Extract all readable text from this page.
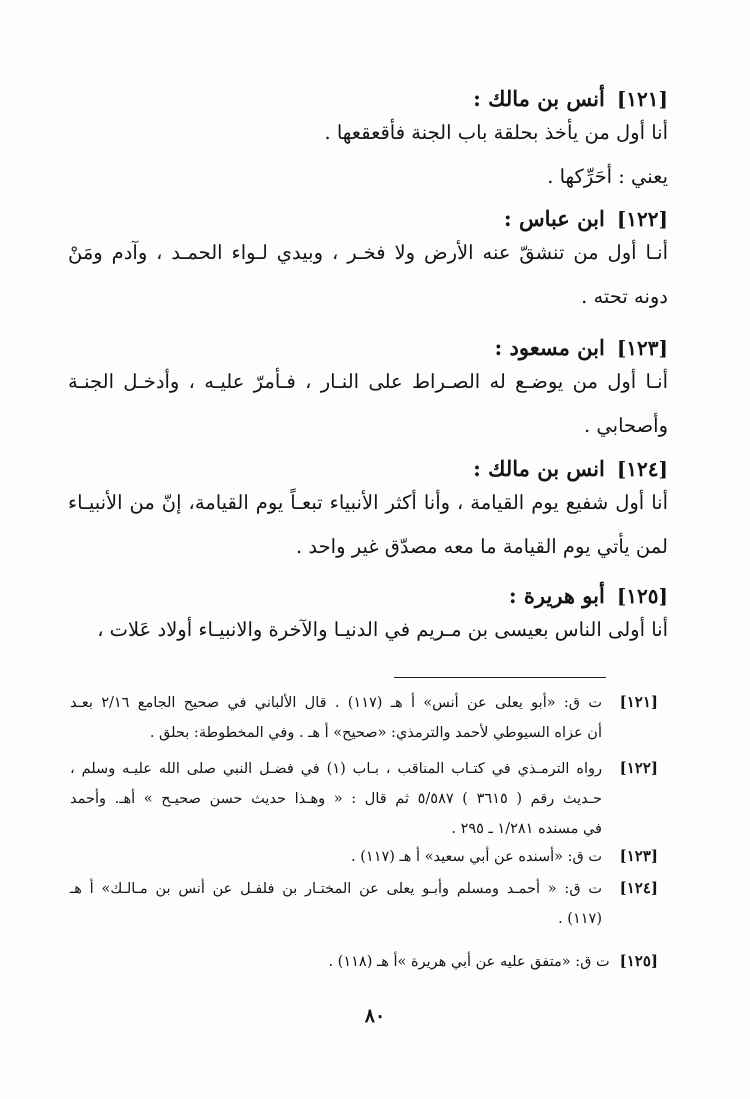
[١٢١]
أنس بن مالك :
أنا أول من يأخذ بحلقة باب الجنة فأقعقعها .
يعني : أحَرِّكها .
[١٢٢]
ابن عباس :
أنـا أول من تنشقّ عنه الأرض ولا فخـر ، وبيدي لـواء الحمـد ، وآدم ومَنْ
دونه تحته .
[١٢٣]
ابن مسعود :
أنـا أول من يوضـع له الصـراط على النـار ، فـأمرّ عليـه ، وأدخـل الجنـة
وأصحابي .
[١٢٤]
انس بن مالك :
أنا أول شفيع يوم القيامة ، وأنا أكثر الأنبياء تبعـاً يوم القيامة، إنّ من الأنبيـاء
لمن يأتي يوم القيامة ما معه مصدّق غير واحد .
[١٢٥]
أبو هريرة :
أنا أولى الناس بعيسى بن مـريم في الدنيـا والآخرة والانبيـاء أولاد عَلات ،
[١٢١]
ت ق: «أبو يعلى عن أنس» أ هـ (١١٧) . قال الألباني في صحيح الجامع ٢/١٦ بعـد
أن عزاه السيوطي لأحمد والترمذي: «صحيح» أ هـ . وفي المخطوطة: بحلق .
[١٢٢]
رواه الترمـذي في كتـاب المناقب ، بـاب (١) في فضـل النبي صلى الله عليـه وسلم ،
حـديث رقم ( ٣٦١٥ ) ٥/٥٨٧ ثم قال : « وهـذا حديث حسن صحيـح » أهـ. وأحمد
في مسنده ١/٢٨١ ـ ٢٩٥ .
[١٢٣]
ت ق: «أسنده عن أبي سعيد» أ هـ (١١٧) .
[١٢٤]
ت ق: « أحمـد ومسلم وأبـو يعلى عن المختـار بن فلفـل عن أنس بن مـالـك» أ هـ
(١١٧) .
[١٢٥]
ت ق: «متفق عليه عن أبي هريرة »أ هـ (١١٨) .
٨٠
